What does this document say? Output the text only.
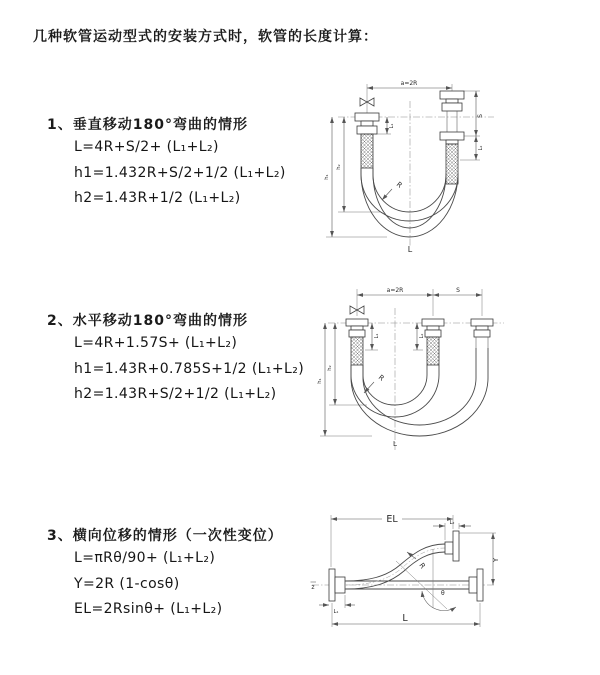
几种软管运动型式的安装方式时，软管的长度计算：
1、垂直移动180°弯曲的情形
L=4R+S/2+ (L₁+L₂)
h1=1.432R+S/2+1/2 (L₁+L₂)
h2=1.43R+1/2 (L₁+L₂)
a=2R
S
L₂
L₁
h₁
h₂
R
L
2、水平移动180°弯曲的情形
L=4R+1.57S+ (L₁+L₂)
h1=1.43R+0.785S+1/2 (L₁+L₂)
h2=1.43R+S/2+1/2 (L₁+L₂)
a=2R	S
h₁
h₂
L₁	L₂
R
L
3、横向位移的情形（一次性变位）
L=πRθ/90+ (L₁+L₂)
Y=2R (1-cosθ)
EL=2Rsinθ+ (L₁+L₂)
z
EL	L₂
Y
L
L₁
θ
R
